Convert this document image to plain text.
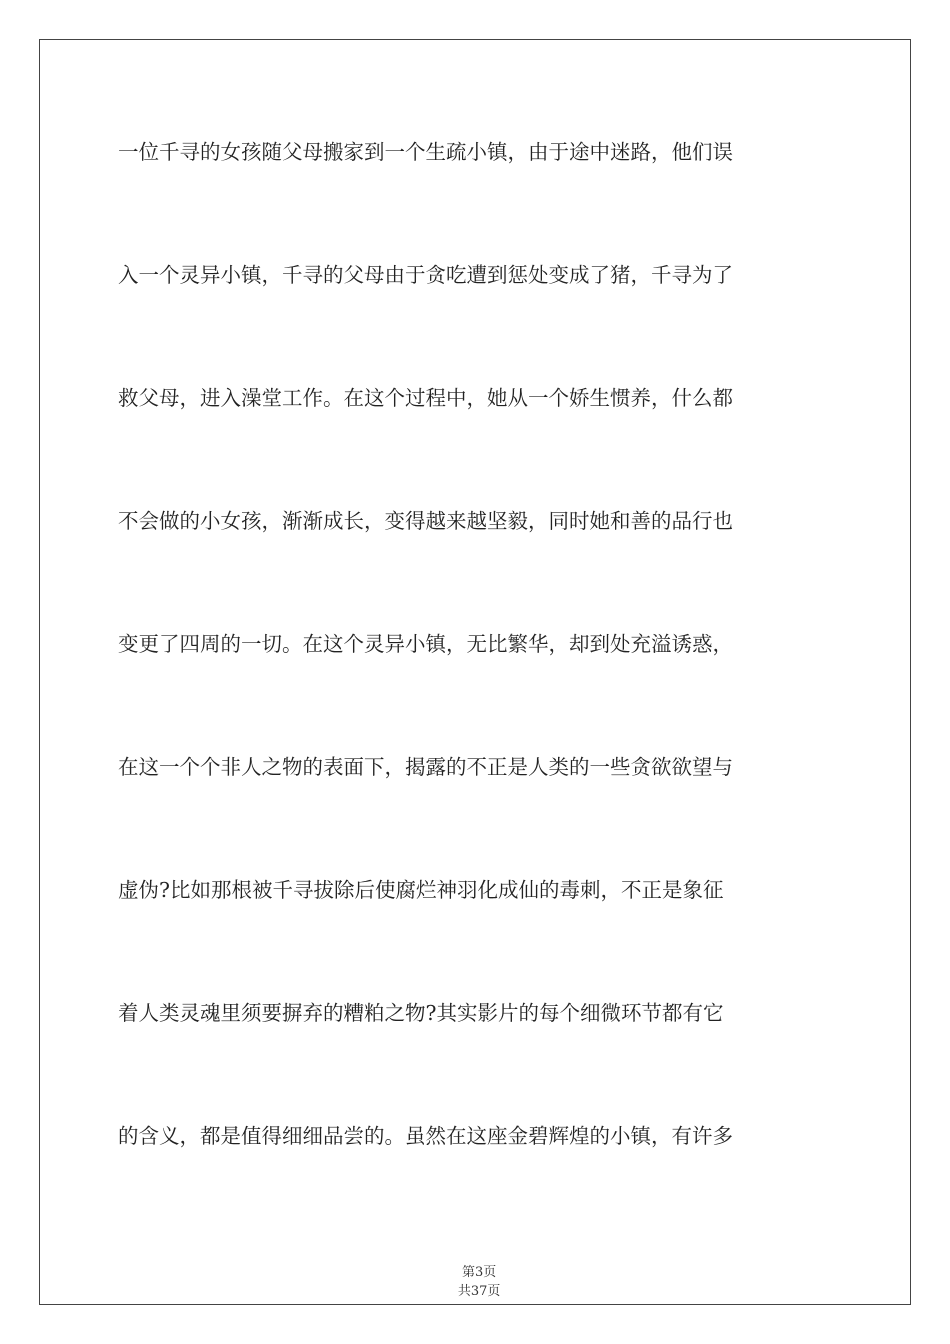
一位千寻的女孩随父母搬家到一个生疏小镇，由于途中迷路，他们误
入一个灵异小镇，千寻的父母由于贪吃遭到惩处变成了猪，千寻为了
救父母，进入澡堂工作。在这个过程中，她从一个娇生惯养，什么都
不会做的小女孩，渐渐成长，变得越来越坚毅，同时她和善的品行也
变更了四周的一切。在这个灵异小镇，无比繁华，却到处充溢诱惑，
在这一个个非人之物的表面下，揭露的不正是人类的一些贪欲欲望与
虚伪?比如那根被千寻拔除后使腐烂神羽化成仙的毒刺，不正是象征
着人类灵魂里须要摒弃的糟粕之物?其实影片的每个细微环节都有它
的含义，都是值得细细品尝的。虽然在这座金碧辉煌的小镇，有许多

第3页
共37页
